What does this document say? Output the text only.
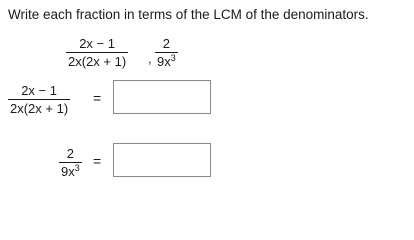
Write each fraction in terms of the LCM of the denominators.
2x − 1
2x(2x + 1) ,
2
$9x^3$
2x − 1
2x(2x + 1)
=
2
$9x^3$ =
